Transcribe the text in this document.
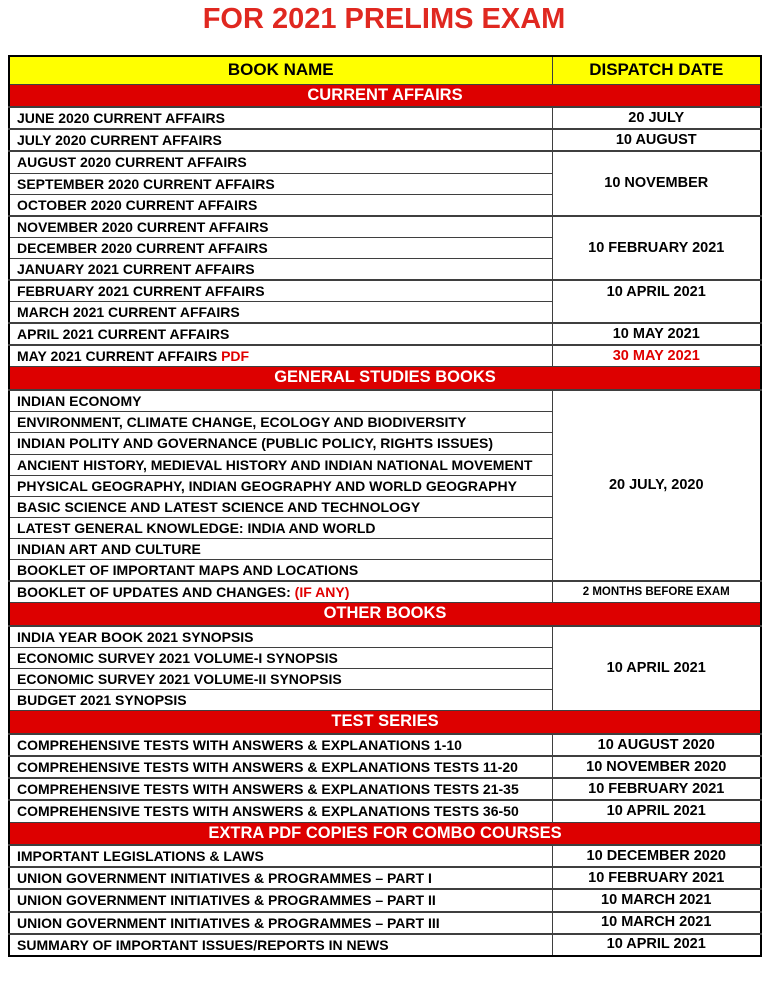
FOR 2021 PRELIMS EXAM
BOOK NAME	DISPATCH DATE
CURRENT AFFAIRS	
JUNE 2020 CURRENT AFFAIRS	20 JULY
JULY 2020 CURRENT AFFAIRS	10 AUGUST
AUGUST 2020 CURRENT AFFAIRS	10 NOVEMBER
SEPTEMBER 2020 CURRENT AFFAIRS	
OCTOBER 2020 CURRENT AFFAIRS	
NOVEMBER 2020 CURRENT AFFAIRS	10 FEBRUARY 2021
DECEMBER 2020 CURRENT AFFAIRS	
JANUARY 2021 CURRENT AFFAIRS	
FEBRUARY 2021 CURRENT AFFAIRS	10 APRIL 2021
MARCH 2021 CURRENT AFFAIRS	
APRIL 2021 CURRENT AFFAIRS	10 MAY 2021
MAY 2021 CURRENT AFFAIRS PDF	30 MAY 2021
GENERAL STUDIES BOOKS	
INDIAN ECONOMY	20 JULY, 2020
ENVIRONMENT, CLIMATE CHANGE, ECOLOGY AND BIODIVERSITY	
INDIAN POLITY AND GOVERNANCE (PUBLIC POLICY, RIGHTS ISSUES)	
ANCIENT HISTORY, MEDIEVAL HISTORY AND INDIAN NATIONAL MOVEMENT	
PHYSICAL GEOGRAPHY, INDIAN GEOGRAPHY AND WORLD GEOGRAPHY	
BASIC SCIENCE AND LATEST SCIENCE AND TECHNOLOGY	
LATEST GENERAL KNOWLEDGE: INDIA AND WORLD	
INDIAN ART AND CULTURE	
BOOKLET OF IMPORTANT MAPS AND LOCATIONS	
BOOKLET OF UPDATES AND CHANGES: (IF ANY)	2 MONTHS BEFORE EXAM
OTHER BOOKS	
INDIA YEAR BOOK 2021 SYNOPSIS	10 APRIL 2021
ECONOMIC SURVEY 2021 VOLUME-I SYNOPSIS	
ECONOMIC SURVEY 2021 VOLUME-II SYNOPSIS	
BUDGET 2021 SYNOPSIS	
TEST SERIES	
COMPREHENSIVE TESTS WITH ANSWERS & EXPLANATIONS 1-10	10 AUGUST 2020
COMPREHENSIVE TESTS WITH ANSWERS & EXPLANATIONS TESTS 11-20	10 NOVEMBER 2020
COMPREHENSIVE TESTS WITH ANSWERS & EXPLANATIONS TESTS 21-35	10 FEBRUARY 2021
COMPREHENSIVE TESTS WITH ANSWERS & EXPLANATIONS TESTS 36-50	10 APRIL 2021
EXTRA PDF COPIES FOR COMBO COURSES	
IMPORTANT LEGISLATIONS & LAWS	10 DECEMBER 2020
UNION GOVERNMENT INITIATIVES & PROGRAMMES – PART I	10 FEBRUARY 2021
UNION GOVERNMENT INITIATIVES & PROGRAMMES – PART II	10 MARCH 2021
UNION GOVERNMENT INITIATIVES & PROGRAMMES – PART III	10 MARCH 2021
SUMMARY OF IMPORTANT ISSUES/REPORTS IN NEWS	10 APRIL 2021
